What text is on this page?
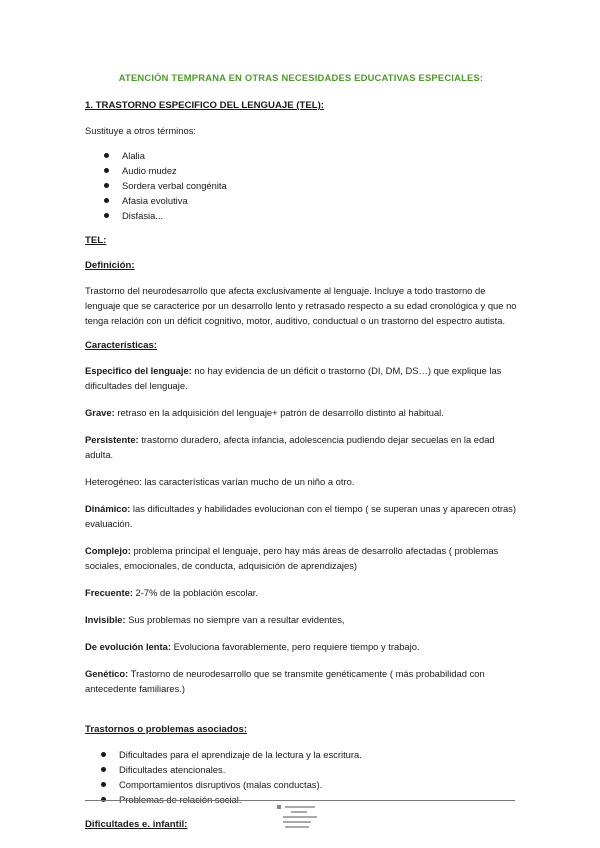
ATENCIÓN TEMPRANA EN OTRAS NECESIDADES EDUCATIVAS ESPECIALES:

1. TRASTORNO ESPECIFICO DEL LENGUAJE (TEL):

Sustituye a otros términos:

Alalia
Audio mudez
Sordera verbal congénita
Afasia evolutiva
Disfasia...

TEL:

Definición:

Trastorno del neurodesarrollo que afecta exclusivamente al lenguaje. Incluye a todo trastorno de lenguaje que se caracterice por un desarrollo lento y retrasado respecto a su edad cronológica y que no tenga relación con un déficit cognitivo, motor, auditivo, conductual o un trastorno del espectro autista.

Características:

Especifico del lenguaje: no hay evidencia de un déficit o trastorno (DI, DM, DS…) que explique las dificultades del lenguaje.

Grave: retraso en la adquisición del lenguaje+ patrón de desarrollo distinto al habitual.

Persistente: trastorno duradero, afecta infancia, adolescencia pudiendo dejar secuelas en la edad adulta.

Heterogéneo: las características varían mucho de un niño a otro.

Dinámico: las dificultades y habilidades evolucionan con el tiempo ( se superan unas y aparecen otras) evaluación.

Complejo: problema principal el lenguaje, pero hay más áreas de desarrollo afectadas ( problemas sociales, emocionales, de conducta, adquisición de aprendizajes)

Frecuente: 2-7% de la población escolar.

Invisible: Sus problemas no siempre van a resultar evidentes,

De evolución lenta: Evoluciona favorablemente, pero requiere tiempo y trabajo.

Genético: Trastorno de neurodesarrollo que se transmite genéticamente ( más probabilidad con antecedente familiares.)

Trastornos o problemas asociados:

Dificultades para el aprendizaje de la lectura y la escritura.
Dificultades atencionales.
Comportamientos disruptivos (malas conductas).

Dificultades e. infantil:
